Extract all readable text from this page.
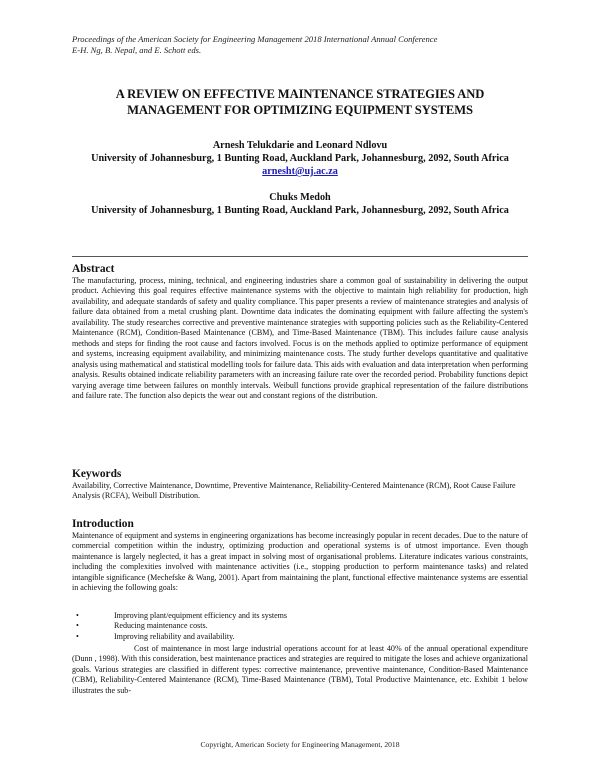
Proceedings of the American Society for Engineering Management 2018 International Annual Conference
E-H. Ng, B. Nepal, and E. Schott eds.
A REVIEW ON EFFECTIVE MAINTENANCE STRATEGIES AND
MANAGEMENT FOR OPTIMIZING EQUIPMENT SYSTEMS
Arnesh Telukdarie and Leonard Ndlovu
University of Johannesburg, 1 Bunting Road, Auckland Park, Johannesburg, 2092, South Africa
arnesht@uj.ac.za
Chuks Medoh
University of Johannesburg, 1 Bunting Road, Auckland Park, Johannesburg, 2092, South Africa
Abstract
The manufacturing, process, mining, technical, and engineering industries share a common goal of sustainability in delivering the output product. Achieving this goal requires effective maintenance systems with the objective to maintain high reliability for production, high availability, and adequate standards of safety and quality compliance. This paper presents a review of maintenance strategies and analysis of failure data obtained from a metal crushing plant. Downtime data indicates the dominating equipment with failure affecting the system's availability. The study researches corrective and preventive maintenance strategies with supporting policies such as the Reliability-Centered Maintenance (RCM), Condition-Based Maintenance (CBM), and Time-Based Maintenance (TBM). This includes failure cause analysis methods and steps for finding the root cause and factors involved. Focus is on the methods applied to optimize performance of equipment and systems, increasing equipment availability, and minimizing maintenance costs. The study further develops quantitative and qualitative analysis using mathematical and statistical modelling tools for failure data. This aids with evaluation and data interpretation when performing analysis. Results obtained indicate reliability parameters with an increasing failure rate over the recorded period. Probability functions depict varying average time between failures on monthly intervals. Weibull functions provide graphical representation of the failure distributions and failure rate. The function also depicts the wear out and constant regions of the distribution.
Keywords
Availability, Corrective Maintenance, Downtime, Preventive Maintenance, Reliability-Centered Maintenance (RCM), Root Cause Failure Analysis (RCFA), Weibull Distribution.
Introduction
Maintenance of equipment and systems in engineering organizations has become increasingly popular in recent decades. Due to the nature of commercial competition within the industry, optimizing production and operational systems is of utmost importance. Even though maintenance is largely neglected, it has a great impact in solving most of organisational problems. Literature indicates various constraints, including the complexities involved with maintenance activities (i.e., stopping production to perform maintenance tasks) and related intangible significance (Mechefske & Wang, 2001). Apart from maintaining the plant, functional effective maintenance systems are essential in achieving the following goals:
•	Improving plant/equipment efficiency and its systems
•	Reducing maintenance costs.
•	Improving reliability and availability.
Cost of maintenance in most large industrial operations account for at least 40% of the annual operational expenditure (Dunn , 1998). With this consideration, best maintenance practices and strategies are required to mitigate the loses and achieve organizational goals. Various strategies are classified in different types: corrective maintenance, preventive maintenance, Condition-Based Maintenance (CBM), Reliability-Centered Maintenance (RCM), Time-Based Maintenance (TBM), Total Productive Maintenance, etc. Exhibit 1 below illustrates the sub-
Copyright, American Society for Engineering Management, 2018
